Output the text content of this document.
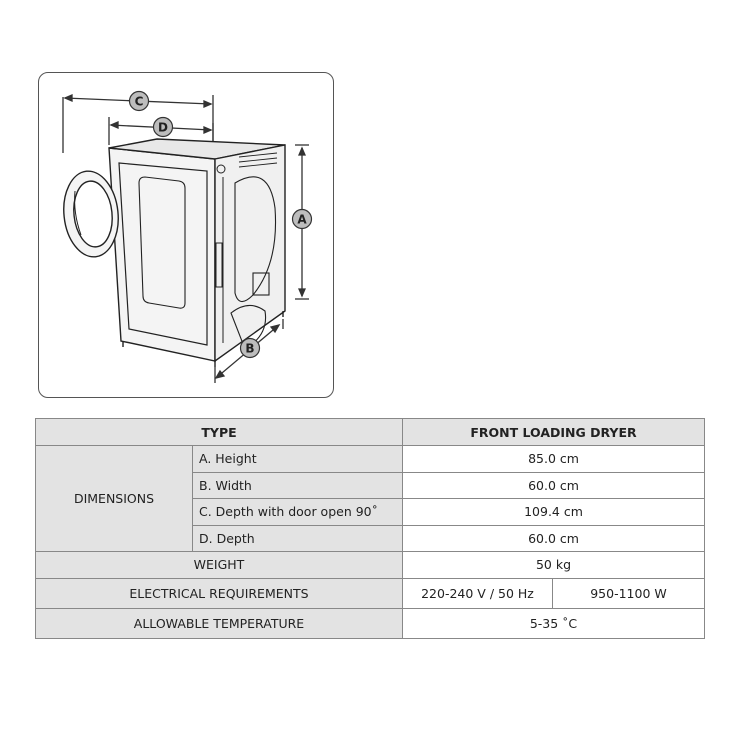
C
D
A
B
TYPE		FRONT LOADING DRYER	
DIMENSIONS	A. Height	85.0 cm	
	B. Width	60.0 cm	
	C. Depth with door open 90˚	109.4 cm	
	D. Depth	60.0 cm	
WEIGHT		50 kg	
ELECTRICAL REQUIREMENTS		220-240 V / 50 Hz	950-1100 W
ALLOWABLE TEMPERATURE		5-35 ˚C	
